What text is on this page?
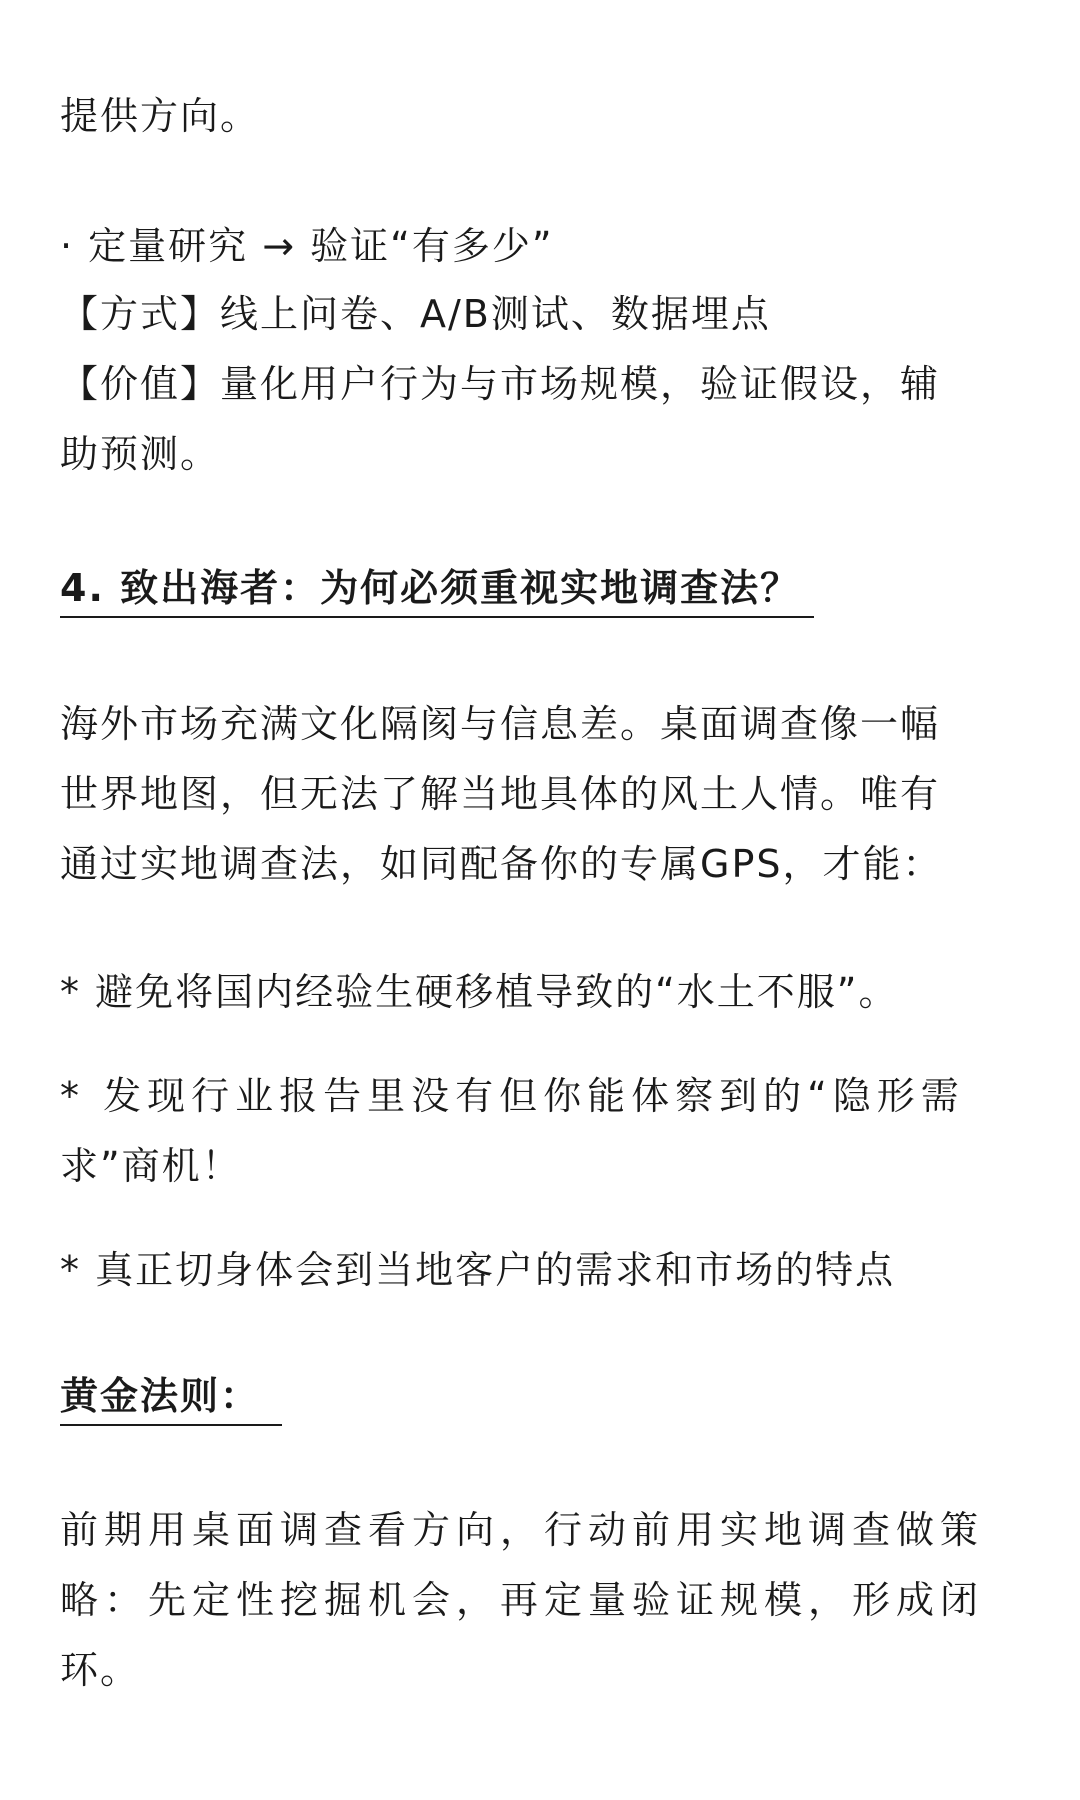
提供方向。

· 定量研究 → 验证“有多少”

【方式】线上问卷、A/B测试、数据埋点

【价值】量化用户行为与市场规模，验证假设，辅

助预测。

4. 致出海者：为何必须重视实地调查法？

海外市场充满文化隔阂与信息差。桌面调查像一幅

世界地图，但无法了解当地具体的风土人情。唯有

通过实地调查法，如同配备你的专属GPS，才能：

* 避免将国内经验生硬移植导致的“水土不服”。

* 发现行业报告里没有但你能体察到的“隐形需

求”商机！

* 真正切身体会到当地客户的需求和市场的特点

黄金法则：

前期用桌面调查看方向，行动前用实地调查做策

略：先定性挖掘机会，再定量验证规模，形成闭

环。
